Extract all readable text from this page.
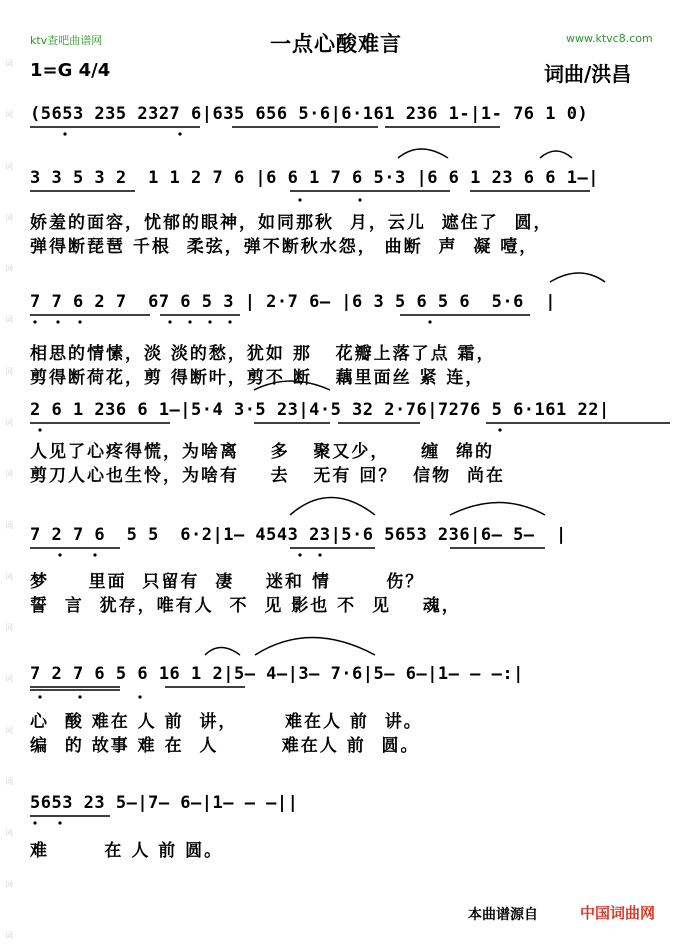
词
词
词
词
词
词
词
词
词
词
词
词
词
词
词
词
词
词
ktv查吧曲谱网	一点心酸难言	www.ktvc8.com
1=G 4/4	词曲/洪昌
(5653 235 2327 6|635 656 5·6|6·161 236 1-|1- 76 1 0)
3 3 5 3 2  1 1 2 7 6 |6 6 1 7 6 5·3 |6 6 1 23 6 6 1—|
娇羞的面容，忧郁的眼神，如同那秋  月，云儿  遮住了  圆，
弹得断琵琶 千根  柔弦，弹不断秋水怨， 曲断  声  凝 噎，
7 7 6 2 7  67 6 5 3 | 2·7 6— |6 3 5 6 5 6  5·6  |
相思的情愫，淡 淡的愁，犹如 那   花瓣上落了点 霜，
剪得断荷花，剪 得断叶，剪不 断   藕里面丝 紧 连，
2 6 1 236 6 1—|5·4 3·5 23|4·5 32 2·76|7276 5 6·161 22|
人见了心疼得慌，为啥离    多   聚又少，    缠  绵的
剪刀人心也生怜，为啥有    去   无有 回？  信物  尚在
7 2 7 6  5 5  6·2|1— 4543 23|5·6 5653 236|6— 5—  |
梦     里面  只留有  凄    迷和 情       伤？
誓  言  犹存，唯有人  不  见 影也 不  见    魂，
7 2 7 6 5 6 16 1 2|5— 4—|3— 7·6|5— 6—|1— — —:|
心  酸 难在 人 前  讲，      难在人 前  讲。
编  的 故事 难 在  人        难在人 前  圆。
5653 23 5—|7— 6—|1— — —||
难       在 人 前 圆。
本曲谱源自	中国词曲网
